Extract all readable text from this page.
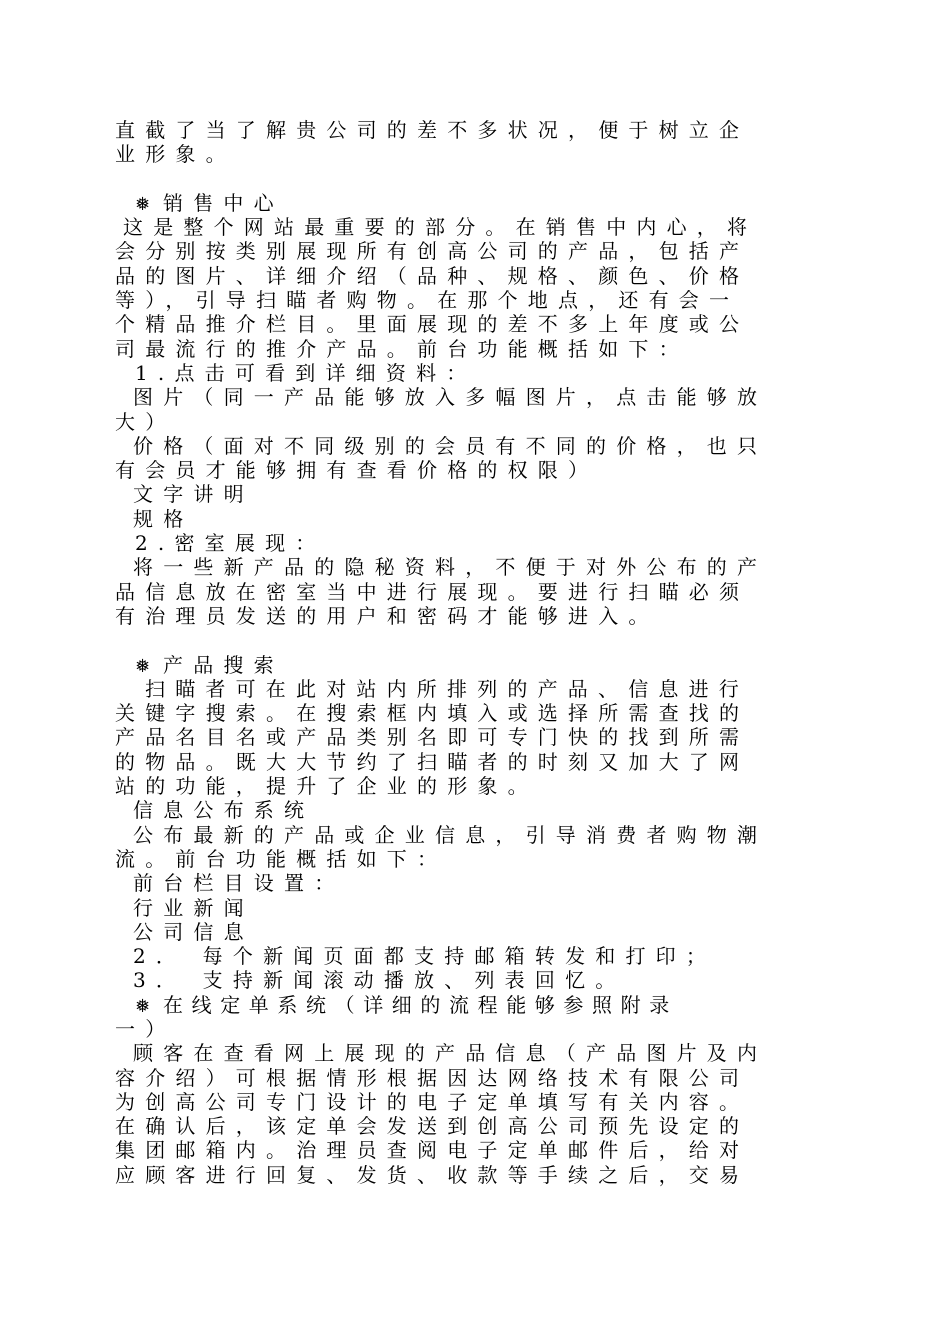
直截了当了解贵公司的差不多状况，便于树立企
业形象。
❅ 销售中心
这是整个网站最重要的部分。在销售中内心，将
会分别按类别展现所有创高公司的产品，包括产
品的图片、详细介绍（品种、规格、颜色、价格
等），引导扫瞄者购物。在那个地点，还有会一
个精品推介栏目。里面展现的差不多上年度或公
司最流行的推介产品。前台功能概括如下：
1.点击可看到详细资料：
图片（同一产品能够放入多幅图片，点击能够放
大）
价格（面对不同级别的会员有不同的价格，也只
有会员才能够拥有查看价格的权限）
文字讲明
规格
2.密室展现：
将一些新产品的隐秘资料，不便于对外公布的产
品信息放在密室当中进行展现。要进行扫瞄必须
有治理员发送的用户和密码才能够进入。
❅ 产品搜索
扫瞄者可在此对站内所排列的产品、信息进行
关键字搜索。在搜索框内填入或选择所需查找的
产品名目名或产品类别名即可专门快的找到所需
的物品。既大大节约了扫瞄者的时刻又加大了网
站的功能，提升了企业的形象。
信息公布系统
公布最新的产品或企业信息，引导消费者购物潮
流。前台功能概括如下：
前台栏目设置：
行业新闻
公司信息
2． 每个新闻页面都支持邮箱转发和打印；
3． 支持新闻滚动播放、列表回忆。
❅ 在线定单系统（详细的流程能够参照附录
一）
顾客在查看网上展现的产品信息（产品图片及内
容介绍）可根据情形根据因达网络技术有限公司
为创高公司专门设计的电子定单填写有关内容。
在确认后，该定单会发送到创高公司预先设定的
集团邮箱内。治理员查阅电子定单邮件后，给对
应顾客进行回复、发货、收款等手续之后，交易
